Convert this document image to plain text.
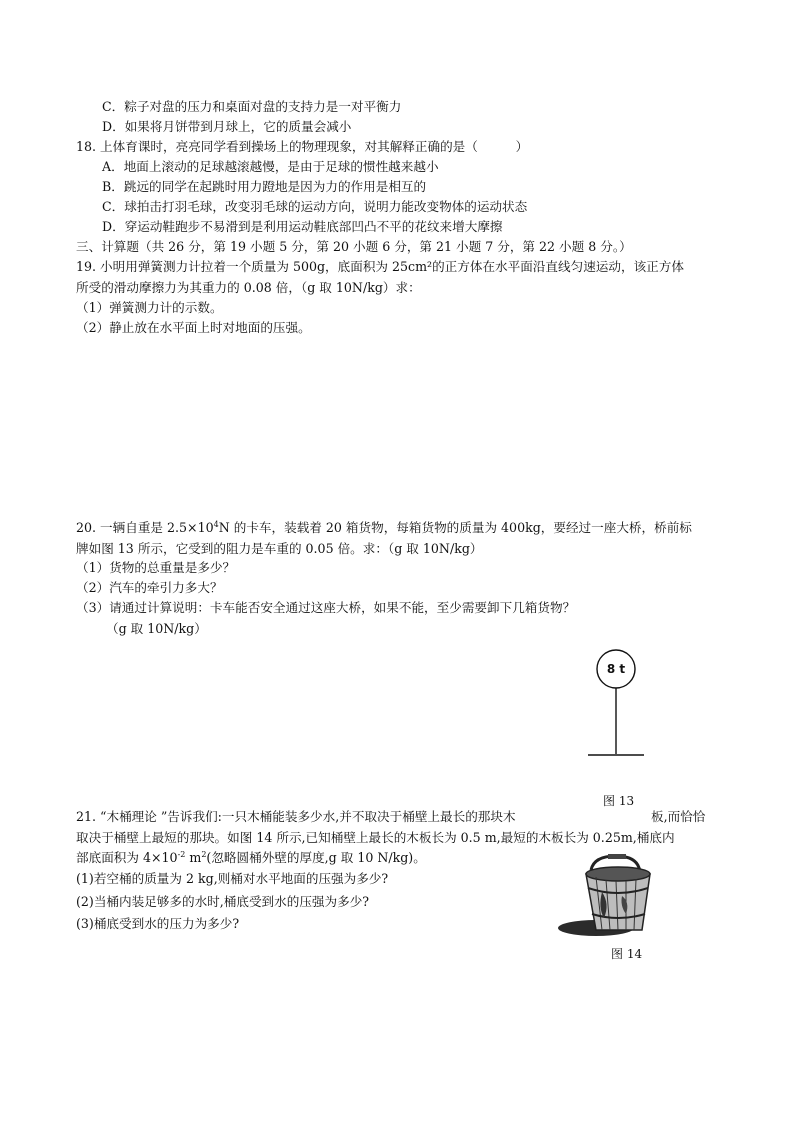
C．粽子对盘的压力和桌面对盘的支持力是一对平衡力
D．如果将月饼带到月球上，它的质量会减小
18. 上体育课时，亮亮同学看到操场上的物理现象，对其解释正确的是（　　　）
A．地面上滚动的足球越滚越慢，是由于足球的惯性越来越小
B．跳远的同学在起跳时用力蹬地是因为力的作用是相互的
C．球拍击打羽毛球，改变羽毛球的运动方向，说明力能改变物体的运动状态
D．穿运动鞋跑步不易滑到是利用运动鞋底部凹凸不平的花纹来增大摩擦
三、计算题（共 26 分，第 19 小题 5 分，第 20 小题 6 分，第 21 小题 7 分，第 22 小题 8 分。）
19. 小明用弹簧测力计拉着一个质量为 500g，底面积为 25cm²的正方体在水平面沿直线匀速运动，该正方体
所受的滑动摩擦力为其重力的 0.08 倍，（g 取 10N/kg）求：
（1）弹簧测力计的示数。
（2）静止放在水平面上时对地面的压强。
20. 一辆自重是 $2.5\times 10^4N$ 的卡车，装载着 20 箱货物，每箱货物的质量为 400kg，要经过一座大桥，桥前标
牌如图 13 所示，它受到的阻力是车重的 0.05 倍。求：（g 取 10N/kg）
（1）货物的总重量是多少？
（2）汽车的牵引力多大？
（3）请通过计算说明：卡车能否安全通过这座大桥，如果不能，至少需要卸下几箱货物？
（g 取 10N/kg）
8 t
图 13
21. “木桶理论 ”告诉我们:一只木桶能装多少水,并不取决于桶壁上最长的那块木	板,而恰恰
取决于桶壁上最短的那块。如图 14 所示,已知桶壁上最长的木板长为 0.5 m,最短的木板长为 0.25m,桶底内
部底面积为 $4\times 10^{-2}$ $m^2$(忽略圆桶外壁的厚度,g 取 10 N/kg)。
(1)若空桶的质量为 2 kg,则桶对水平地面的压强为多少?
(2)当桶内装足够多的水时,桶底受到水的压强为多少?
(3)桶底受到水的压力为多少?
图 14
